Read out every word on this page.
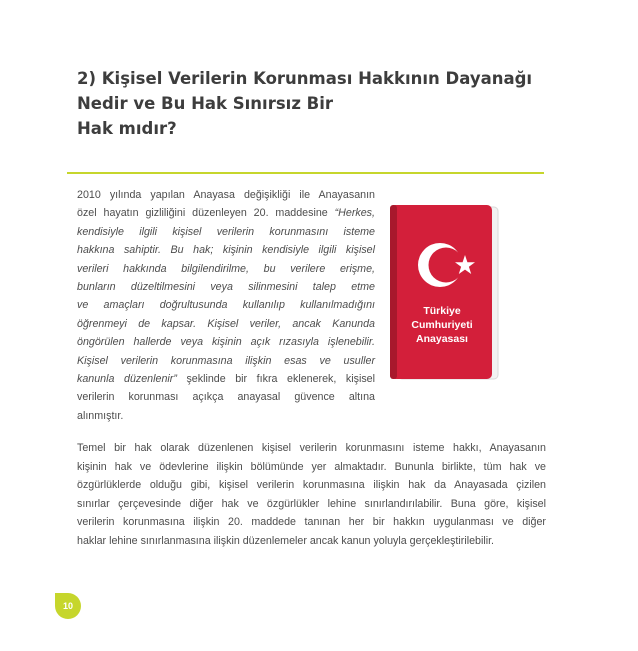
2) Kişisel Verilerin Korunması Hakkının Dayanağı
Nedir ve Bu Hak Sınırsız Bir
Hak mıdır?
2010 yılında yapılan Anayasa değişikliği ile Anayasanın
özel hayatın gizliliğini düzenleyen 20. maddesine “Herkes,
kendisiyle ilgili kişisel verilerin korunmasını isteme
hakkına sahiptir. Bu hak; kişinin kendisiyle ilgili kişisel
verileri hakkında bilgilendirilme, bu verilere erişme,
bunların düzeltilmesini veya silinmesini talep etme
ve amaçları doğrultusunda kullanılıp kullanılmadığını
öğrenmeyi de kapsar. Kişisel veriler, ancak Kanunda
öngörülen hallerde veya kişinin açık rızasıyla işlenebilir.
Kişisel verilerin korunmasına ilişkin esas ve usuller
kanunla düzenlenir” şeklinde bir fıkra eklenerek, kişisel
verilerin korunması açıkça anayasal güvence altına
alınmıştır.
Türkiye
Cumhuriyeti
Anayasası
Temel bir hak olarak düzenlenen kişisel verilerin korunmasını isteme hakkı, Anayasanın
kişinin hak ve ödevlerine ilişkin bölümünde yer almaktadır. Bununla birlikte, tüm hak ve
özgürlüklerde olduğu gibi, kişisel verilerin korunmasına ilişkin hak da Anayasada çizilen
sınırlar çerçevesinde diğer hak ve özgürlükler lehine sınırlandırılabilir. Buna göre, kişisel
verilerin korunmasına ilişkin 20. maddede tanınan her bir hakkın uygulanması ve diğer
haklar lehine sınırlanmasına ilişkin düzenlemeler ancak kanun yoluyla gerçekleştirilebilir.
10
